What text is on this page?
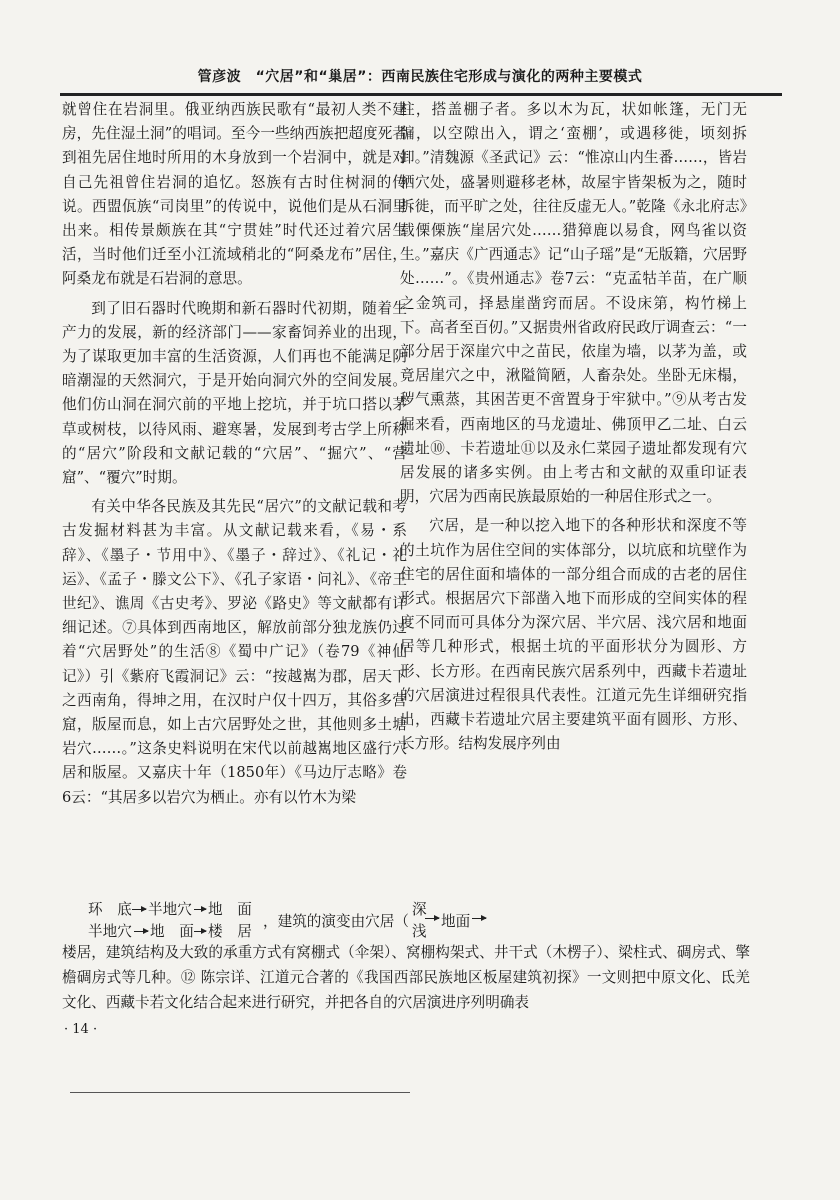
管彦波　“穴居”和“巢居”：西南民族住宅形成与演化的两种主要模式

就曾住在岩洞里。俄亚纳西族民歌有“最初人类不建房，先住湿土洞”的唱词。至今一些纳西族把超度死者到祖先居住地时所用的木身放到一个岩洞中，就是对自己先祖曾住岩洞的追忆。怒族有古时住树洞的传说。西盟佤族“司岗里”的传说中，说他们是从石洞里出来。相传景颇族在其“宁贯娃”时代还过着穴居生活，当时他们迁至小江流域稍北的“阿桑龙布”居住，阿桑龙布就是石岩洞的意思。

到了旧石器时代晚期和新石器时代初期，随着生产力的发展，新的经济部门——家畜饲养业的出现，为了谋取更加丰富的生活资源，人们再也不能满足阴暗潮湿的天然洞穴，于是开始向洞穴外的空间发展。他们仿山洞在洞穴前的平地上挖坑，并于坑口搭以茅草或树枝，以待风雨、避寒暑，发展到考古学上所称的“居穴”阶段和文献记载的“穴居”、“掘穴”、“营窟”、“覆穴”时期。

有关中华各民族及其先民“居穴”的文献记载和考古发掘材料甚为丰富。从文献记载来看，《易・系辞》、《墨子・节用中》、《墨子・辞过》、《礼记・礼运》、《孟子・滕文公下》、《孔子家语・问礼》、《帝王世纪》、谯周《古史考》、罗泌《路史》等文献都有详细记述。⑦具体到西南地区，解放前部分独龙族仍过着“穴居野处”的生活⑧《蜀中广记》（卷79《神仙记》）引《紫府飞霞洞记》云：“按越嶲为郡，居天下之西南角，得坤之用，在汉时户仅十四万，其俗多营窟，版屋而息，如上古穴居野处之世，其他则多土塘岩穴……。”这条史料说明在宋代以前越嶲地区盛行穴居和版屋。又嘉庆十年（1850年）《马边厅志略》卷6云：“其居多以岩穴为栖止。亦有以竹木为梁

柱，搭盖棚子者。多以木为瓦，状如帐篷，无门无牖，以空隙出入，谓之‘蛮棚’，或遇移徙，顷刻拆卸。”清魏源《圣武记》云：“惟凉山内生番……，皆岩栖穴处，盛暑则避移老林，故屋宇皆架板为之，随时拆徙，而平旷之处，往往反虚无人。”乾隆《永北府志》载傈傈族“崖居穴处……猎獐鹿以易食，网鸟雀以资生。”嘉庆《广西通志》记“山子瑶”是“无版籍，穴居野处……”。《贵州通志》卷7云：“克孟牯羊苗，在广顺之金筑司，择悬崖凿窍而居。不设床第，构竹梯上下。高者至百仞。”又据贵州省政府民政厅调查云：“一部分居于深崖穴中之苗民，依崖为墙，以茅为盖，或竟居崖穴之中，湫隘简陋，人畜杂处。坐卧无床榻，秽气熏蒸，其困苦更不啻置身于牢狱中。”⑨从考古发掘来看，西南地区的马龙遗址、佛顶甲乙二址、白云遗址⑩、卡若遗址⑪以及永仁菜园子遗址都发现有穴居发展的诸多实例。由上考古和文献的双重印证表明，穴居为西南民族最原始的一种居住形式之一。

穴居，是一种以挖入地下的各种形状和深度不等的土坑作为居住空间的实体部分，以坑底和坑壁作为住宅的居住面和墙体的一部分组合而成的古老的居住形式。根据居穴下部凿入地下而形成的空间实体的程度不同而可具体分为深穴居、半穴居、浅穴居和地面居等几种形式，根据土坑的平面形状分为圆形、方形、长方形。在西南民族穴居系列中，西藏卡若遗址的穴居演进过程很具代表性。江道元先生详细研究指出，西藏卡若遗址穴居主要建筑平面有圆形、方形、长方形。结构发展序列由

环　底 半地穴 地　面
半地穴 地　面 楼　居
，建筑的演变由穴居（
深
浅
地面
楼居，建筑结构及大致的承重方式有窝棚式（伞架）、窝棚构架式、井干式（木楞子）、梁柱式、碉房式、擎檐碉房式等几种。⑫ 陈宗详、江道元合著的《我国西部民族地区板屋建筑初探》一文则把中原文化、氐羌文化、西藏卡若文化结合起来进行研究，并把各自的穴居演进序列明确表
· 14 ·
